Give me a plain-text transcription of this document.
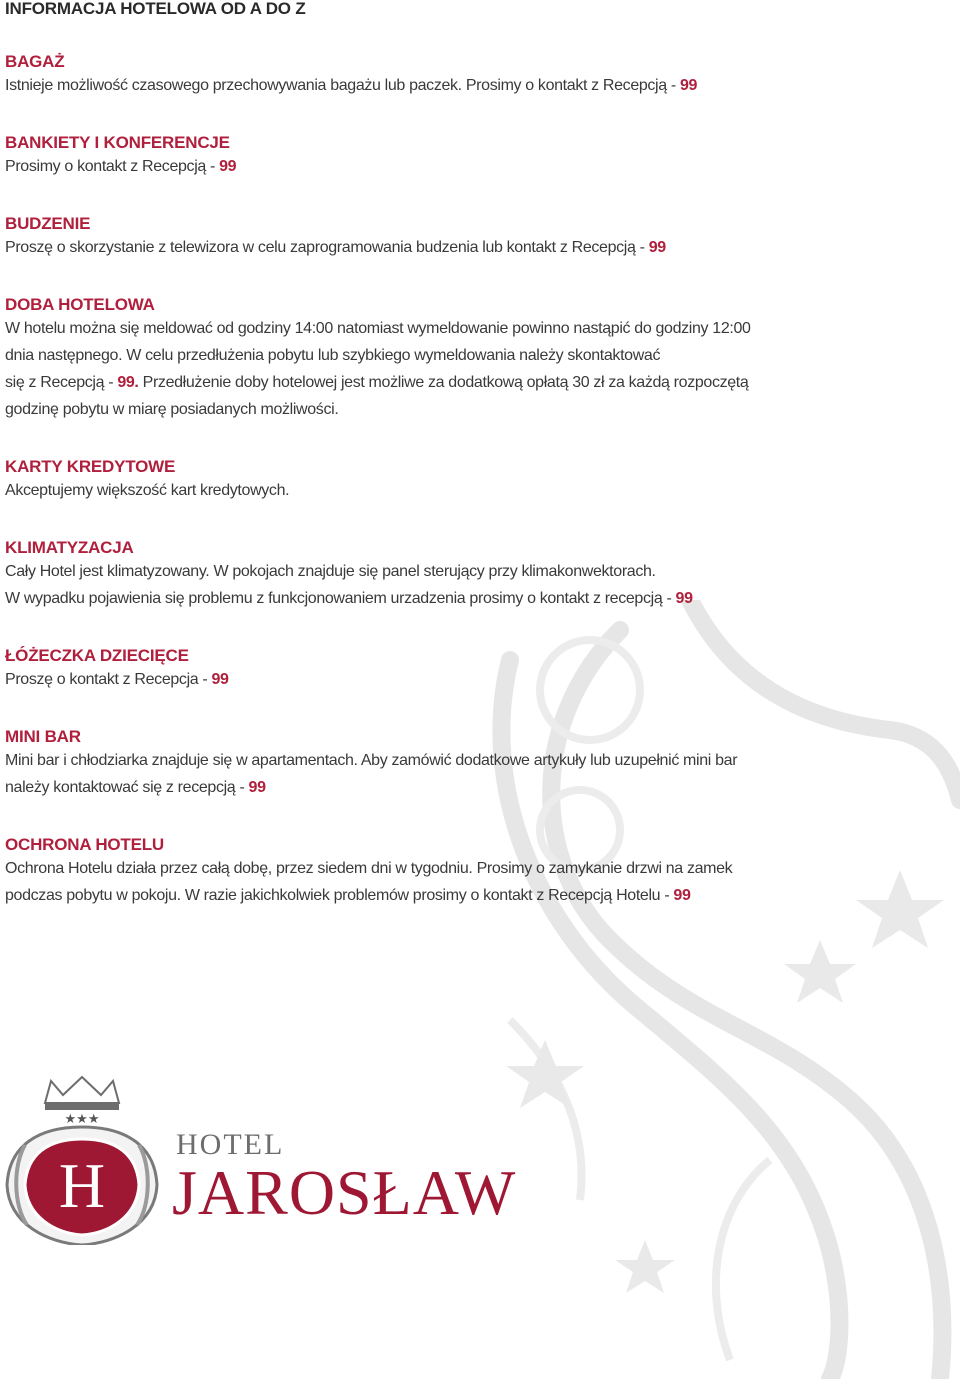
INFORMACJA HOTELOWA OD A DO Z
BAGAŻ
Istnieje możliwość czasowego przechowywania bagażu lub paczek. Prosimy o kontakt z Recepcją - 99
BANKIETY I KONFERENCJE
Prosimy o kontakt z Recepcją - 99
BUDZENIE
Proszę o skorzystanie z telewizora w celu zaprogramowania budzenia lub kontakt z Recepcją - 99
DOBA HOTELOWA
W hotelu można się meldować od godziny 14:00 natomiast wymeldowanie powinno nastąpić do godziny 12:00
dnia następnego. W celu przedłużenia pobytu lub szybkiego wymeldowania należy skontaktować
się z Recepcją - 99. Przedłużenie doby hotelowej jest możliwe za dodatkową opłatą 30 zł za każdą rozpoczętą
godzinę pobytu w miarę posiadanych możliwości.
KARTY KREDYTOWE
Akceptujemy większość kart kredytowych.
KLIMATYZACJA
Cały Hotel jest klimatyzowany. W pokojach znajduje się panel sterujący przy klimakonwektorach.
W wypadku pojawienia się problemu z funkcjonowaniem urzadzenia prosimy o kontakt z recepcją - 99
ŁÓŻECZKA DZIECIĘCE
Proszę o kontakt z Recepcja - 99
MINI BAR
Mini bar i chłodziarka znajduje się w apartamentach. Aby zamówić dodatkowe artykuły lub uzupełnić mini bar
należy kontaktować się z recepcją - 99
OCHRONA HOTELU
Ochrona Hotelu działa przez całą dobę, przez siedem dni w tygodniu. Prosimy o zamykanie drzwi na zamek
podczas pobytu w pokoju. W razie jakichkolwiek problemów prosimy o kontakt z Recepcją Hotelu - 99
★★★
H
HOTEL
JAROSŁAW
